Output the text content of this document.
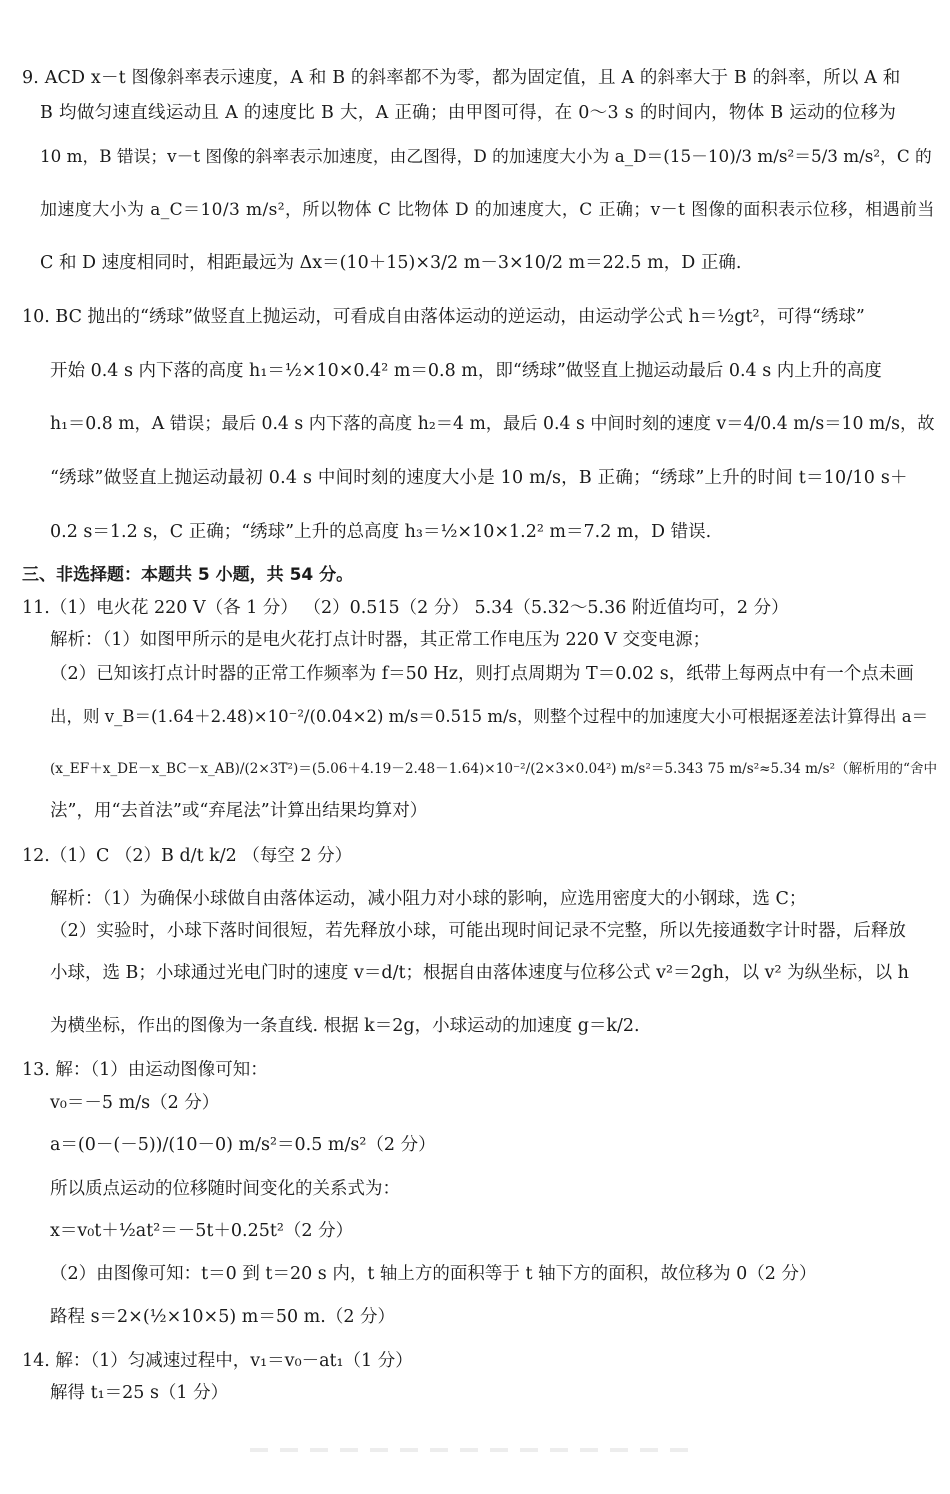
9. ACD x－t 图像斜率表示速度，A 和 B 的斜率都不为零，都为固定值，且 A 的斜率大于 B 的斜率，所以 A 和
B 均做匀速直线运动且 A 的速度比 B 大，A 正确；由甲图可得，在 0～3 s 的时间内，物体 B 运动的位移为
10 m，B 错误；v－t 图像的斜率表示加速度，由乙图得，D 的加速度大小为 a_D＝(15－10)/3 m/s²＝5/3 m/s²，C 的
加速度大小为 a_C＝10/3 m/s²，所以物体 C 比物体 D 的加速度大，C 正确；v－t 图像的面积表示位移，相遇前当
C 和 D 速度相同时，相距最远为 Δx＝(10＋15)×3/2 m－3×10/2 m＝22.5 m，D 正确.
10. BC 抛出的“绣球”做竖直上抛运动，可看成自由落体运动的逆运动，由运动学公式 h＝½gt²，可得“绣球”
开始 0.4 s 内下落的高度 h₁＝½×10×0.4² m＝0.8 m，即“绣球”做竖直上抛运动最后 0.4 s 内上升的高度
h₁＝0.8 m，A 错误；最后 0.4 s 内下落的高度 h₂＝4 m，最后 0.4 s 中间时刻的速度 v＝4/0.4 m/s＝10 m/s，故
“绣球”做竖直上抛运动最初 0.4 s 中间时刻的速度大小是 10 m/s，B 正确；“绣球”上升的时间 t＝10/10 s＋
0.2 s＝1.2 s，C 正确；“绣球”上升的总高度 h₃＝½×10×1.2² m＝7.2 m，D 错误.
三、非选择题：本题共 5 小题，共 54 分。
11.（1）电火花 220 V（各 1 分） （2）0.515（2 分） 5.34（5.32～5.36 附近值均可，2 分）
解析：（1）如图甲所示的是电火花打点计时器，其正常工作电压为 220 V 交变电源；
（2）已知该打点计时器的正常工作频率为 f＝50 Hz，则打点周期为 T＝0.02 s，纸带上每两点中有一个点未画
出，则 v_B＝(1.64＋2.48)×10⁻²/(0.04×2) m/s＝0.515 m/s，则整个过程中的加速度大小可根据逐差法计算得出 a＝
(x_EF＋x_DE－x_BC－x_AB)/(2×3T²)＝(5.06＋4.19－2.48－1.64)×10⁻²/(2×3×0.04²) m/s²＝5.343 75 m/s²≈5.34 m/s²（解析用的“舍中
法”，用“去首法”或“弃尾法”计算出结果均算对）
12.（1）C （2）B d/t k/2 （每空 2 分）
解析：（1）为确保小球做自由落体运动，减小阻力对小球的影响，应选用密度大的小钢球，选 C；
（2）实验时，小球下落时间很短，若先释放小球，可能出现时间记录不完整，所以先接通数字计时器，后释放
小球，选 B；小球通过光电门时的速度 v＝d/t；根据自由落体速度与位移公式 v²＝2gh，以 v² 为纵坐标，以 h
为横坐标，作出的图像为一条直线. 根据 k＝2g，小球运动的加速度 g＝k/2.
13. 解：（1）由运动图像可知：
v₀＝－5 m/s（2 分）
a＝(0－(－5))/(10－0) m/s²＝0.5 m/s²（2 分）
所以质点运动的位移随时间变化的关系式为：
x＝v₀t＋½at²＝－5t＋0.25t²（2 分）
（2）由图像可知：t＝0 到 t＝20 s 内，t 轴上方的面积等于 t 轴下方的面积，故位移为 0（2 分）
路程 s＝2×(½×10×5) m＝50 m.（2 分）
14. 解：（1）匀减速过程中，v₁＝v₀－at₁（1 分）
解得 t₁＝25 s（1 分）
